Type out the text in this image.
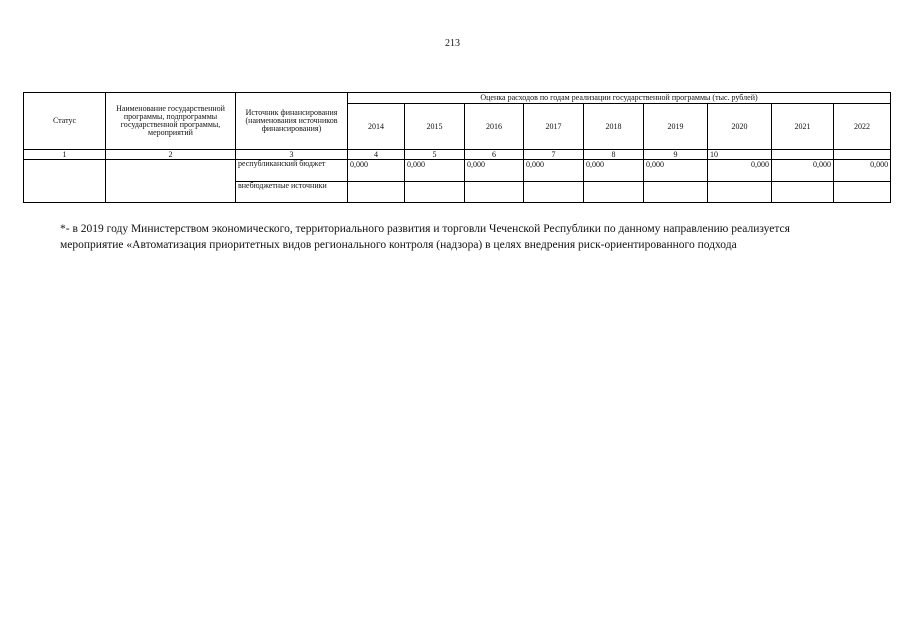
213
Статус	Наименование государственной программы, подпрограммы государственной программы, мероприятий	Источник финансирования (наименования источников финансирования)	Оценка расходов по годам реализации государственной программы (тыс. рублей)								
			2014	2015	2016	2017	2018	2019	2020	2021	2022
1	2	3	4	5	6	7	8	9	10		
		республиканский бюджет	0,000	0,000	0,000	0,000	0,000	0,000	0,000	0,000	0,000
		внебюджетные источники									
*- в 2019 году Министерством экономического, территориального развития и торговли Чеченской Республики по данному направлению реализуется мероприятие «Автоматизация приоритетных видов регионального контроля (надзора) в целях внедрения риск-ориентированного подхода
